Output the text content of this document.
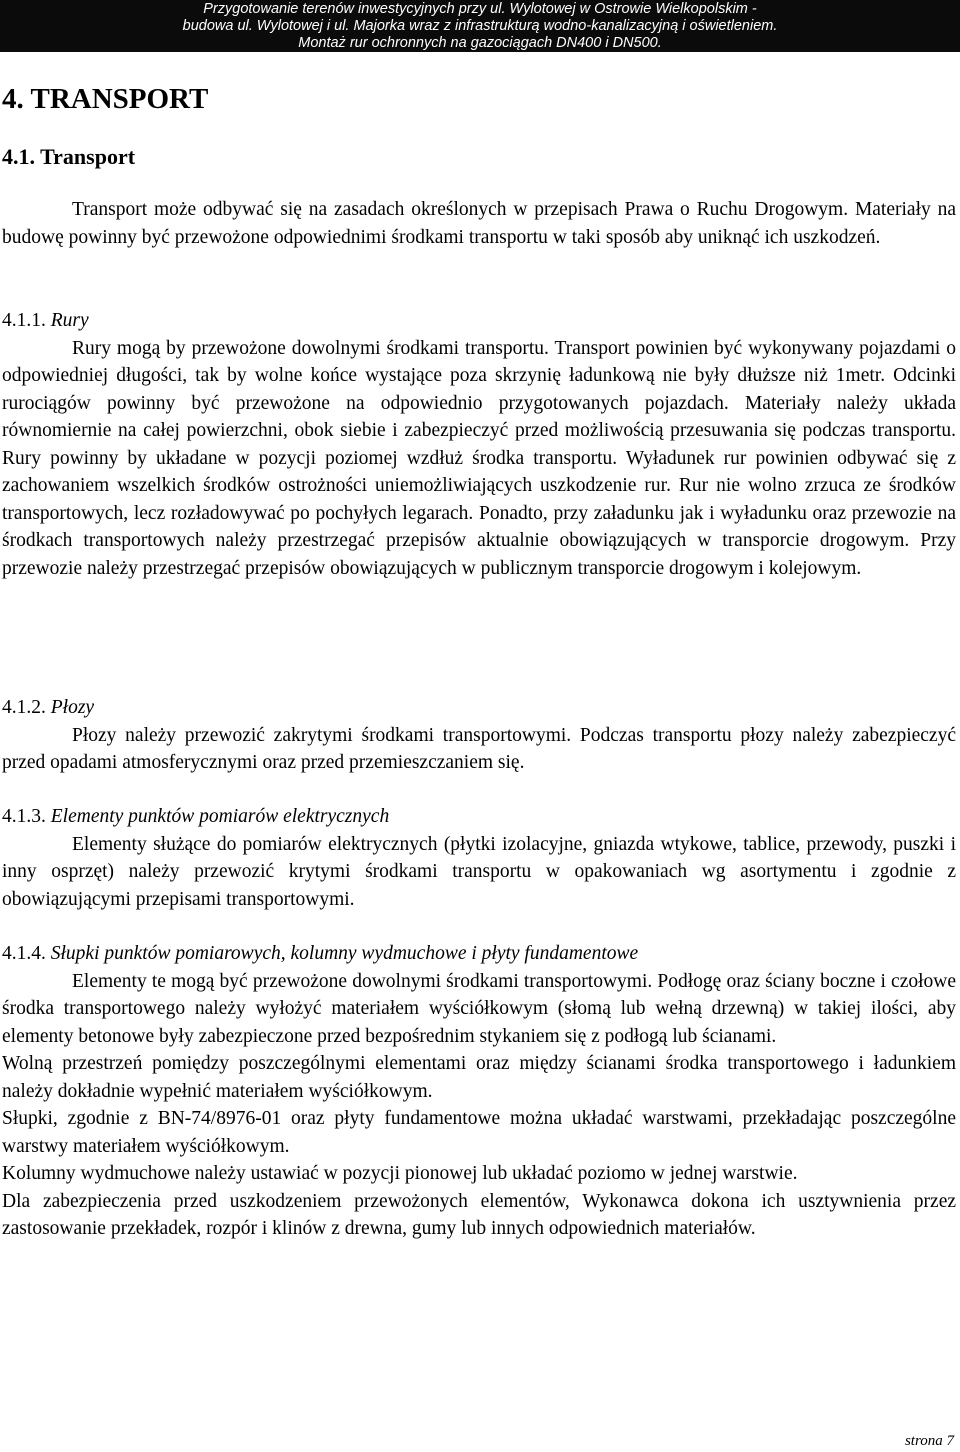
Przygotowanie terenów inwestycyjnych przy ul. Wylotowej w Ostrowie Wielkopolskim -
budowa ul. Wylotowej i ul. Majorka wraz z infrastrukturą wodno-kanalizacyjną i oświetleniem.
Montaż rur ochronnych na gazociągach DN400 i DN500.
4. TRANSPORT
4.1. Transport

Transport może odbywać się na zasadach określonych w przepisach Prawa o Ruchu Drogowym. Materiały na budowę powinny być przewożone odpowiednimi środkami transportu w taki sposób aby uniknąć ich uszkodzeń.

4.1.1. Rury

Rury mogą by przewożone dowolnymi środkami transportu. Transport powinien być wykonywany pojazdami o odpowiedniej długości, tak by wolne końce wystające poza skrzynię ładunkową nie były dłuższe niż 1metr. Odcinki rurociągów powinny być przewożone na odpowiednio przygotowanych pojazdach. Materiały należy układa równomiernie na całej powierzchni, obok siebie i zabezpieczyć przed możliwością przesuwania się podczas transportu. Rury powinny by układane w pozycji poziomej wzdłuż środka transportu. Wyładunek rur powinien odbywać się z zachowaniem wszelkich środków ostrożności uniemożliwiających uszkodzenie rur. Rur nie wolno zrzuca ze środków transportowych, lecz rozładowywać po pochyłych legarach. Ponadto, przy załadunku jak i wyładunku oraz przewozie na środkach transportowych należy przestrzegać przepisów aktualnie obowiązujących w transporcie drogowym. Przy przewozie należy przestrzegać przepisów obowiązujących w publicznym transporcie drogowym i kolejowym.

4.1.2. Płozy

Płozy należy przewozić zakrytymi środkami transportowymi. Podczas transportu płozy należy zabezpieczyć przed opadami atmosferycznymi oraz przed przemieszczaniem się.

4.1.3. Elementy punktów pomiarów elektrycznych

Elementy służące do pomiarów elektrycznych (płytki izolacyjne, gniazda wtykowe, tablice, przewody, puszki i inny osprzęt) należy przewozić krytymi środkami transportu w opakowaniach wg asortymentu i zgodnie z obowiązującymi przepisami transportowymi.

4.1.4. Słupki punktów pomiarowych, kolumny wydmuchowe i płyty fundamentowe

Elementy te mogą być przewożone dowolnymi środkami transportowymi. Podłogę oraz ściany boczne i czołowe środka transportowego należy wyłożyć materiałem wyściółkowym (słomą lub wełną drzewną) w takiej ilości, aby elementy betonowe były zabezpieczone przed bezpośrednim stykaniem się z podłogą lub ścianami.

Wolną przestrzeń pomiędzy poszczególnymi elementami oraz między ścianami środka transportowego i ładunkiem należy dokładnie wypełnić materiałem wyściółkowym.

Słupki, zgodnie z BN-74/8976-01 oraz płyty fundamentowe można układać warstwami, przekładając poszczególne warstwy materiałem wyściółkowym.

Kolumny wydmuchowe należy ustawiać w pozycji pionowej lub układać poziomo w jednej warstwie.

Dla zabezpieczenia przed uszkodzeniem przewożonych elementów, Wykonawca dokona ich usztywnienia przez zastosowanie przekładek, rozpór i klinów z drewna, gumy lub innych odpowiednich materiałów.

strona 7
